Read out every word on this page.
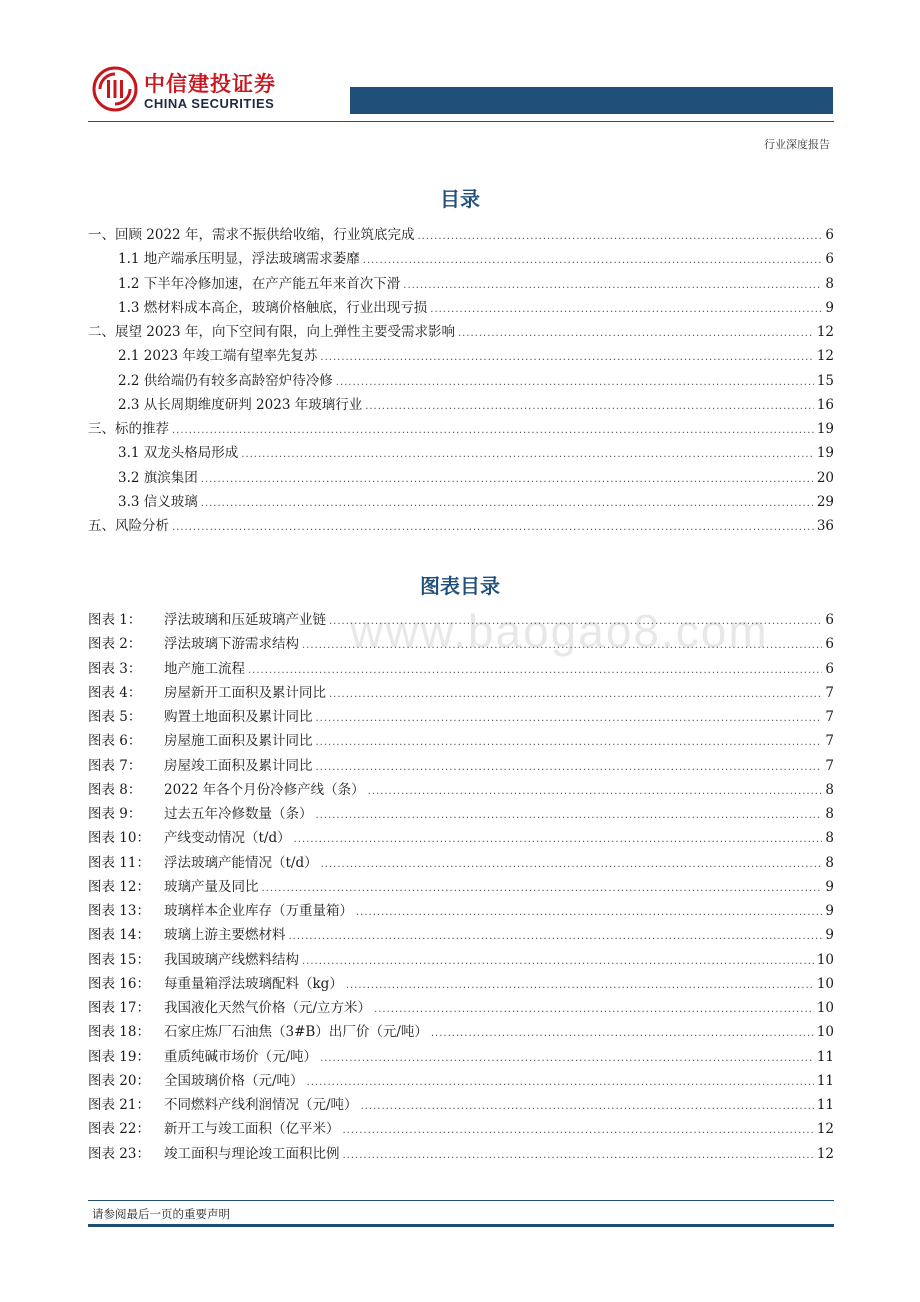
中信建投证券
CHINA SECURITIES
行业深度报告
www.baogao8.com
目录
一、回顾 2022 年，需求不振供给收缩，行业筑底完成 .....	6
1.1 地产端承压明显，浮法玻璃需求萎靡 .....	6
1.2 下半年冷修加速，在产产能五年来首次下滑 .....	8
1.3 燃材料成本高企，玻璃价格触底，行业出现亏损 .....	9
二、展望 2023 年，向下空间有限，向上弹性主要受需求影响 .....	12
2.1 2023 年竣工端有望率先复苏 .....	12
2.2 供给端仍有较多高龄窑炉待冷修 .....	15
2.3 从长周期维度研判 2023 年玻璃行业 .....	16
三、标的推荐 .....	19
3.1 双龙头格局形成 .....	19
3.2 旗滨集团 .....	20
3.3 信义玻璃 .....	29
五、风险分析 .....	36
图表目录
图表 1： 浮法玻璃和压延玻璃产业链 .....	6
图表 2： 浮法玻璃下游需求结构 .....	6
图表 3： 地产施工流程 .....	6
图表 4： 房屋新开工面积及累计同比 .....	7
图表 5： 购置土地面积及累计同比 .....	7
图表 6： 房屋施工面积及累计同比 .....	7
图表 7： 房屋竣工面积及累计同比 .....	7
图表 8： 2022 年各个月份冷修产线（条） .....	8
图表 9： 过去五年冷修数量（条） .....	8
图表 10： 产线变动情况（t/d） .....	8
图表 11： 浮法玻璃产能情况（t/d） .....	8
图表 12： 玻璃产量及同比 .....	9
图表 13： 玻璃样本企业库存（万重量箱） .....	9
图表 14： 玻璃上游主要燃材料 .....	9
图表 15： 我国玻璃产线燃料结构 .....	10
图表 16： 每重量箱浮法玻璃配料（kg） .....	10
图表 17： 我国液化天然气价格（元/立方米） .....	10
图表 18： 石家庄炼厂石油焦（3#B）出厂价（元/吨） .....	10
图表 19： 重质纯碱市场价（元/吨） .....	11
图表 20： 全国玻璃价格（元/吨） .....	11
图表 21： 不同燃料产线利润情况（元/吨） .....	11
图表 22： 新开工与竣工面积（亿平米） .....	12
图表 23： 竣工面积与理论竣工面积比例 .....	12
请参阅最后一页的重要声明
